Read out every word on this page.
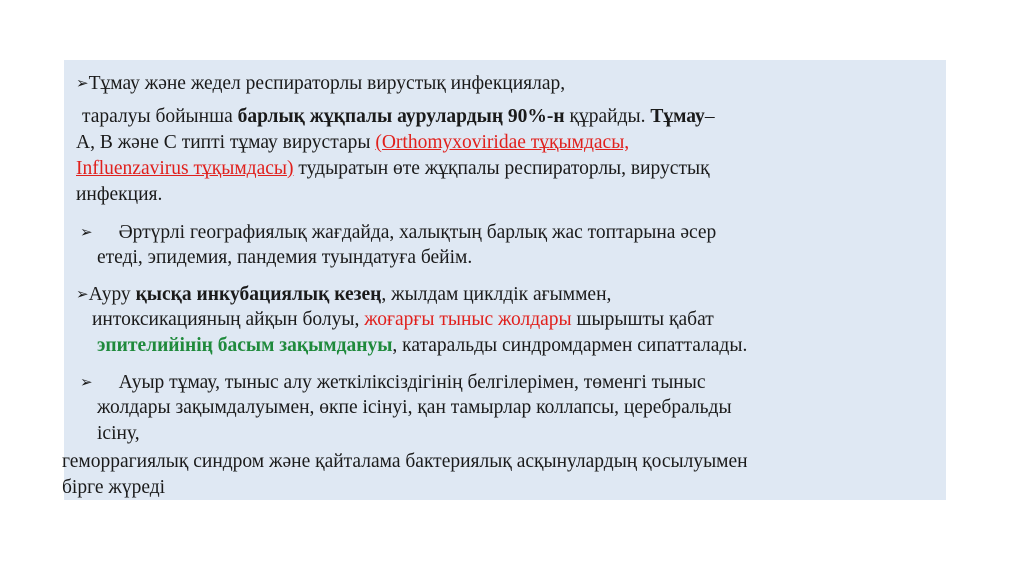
➢Тұмау және жедел респираторлы вирустық инфекциялар,
таралуы бойынша барлық жұқпалы аурулардың 90%-н құрайды. Тұмау–
А, В және С типті тұмау вирустары (Orthomyxoviridae тұқымдасы,
Influenzavirus тұқымдасы) тудыратын өте жұқпалы респираторлы, вирустық
инфекция.
➢ Әртүрлі географиялық жағдайда, халықтың барлық жас топтарына әсер
етеді, эпидемия, пандемия туындатуға бейім.
➢Ауру қысқа инкубациялық кезең, жылдам циклдік ағыммен,
интоксикацияның айқын болуы, жоғарғы тыныс жолдары шырышты қабат
эпителийінің басым зақымдануы, катаральды синдромдармен сипатталады.
➢ Ауыр тұмау, тыныс алу жеткіліксіздігінің белгілерімен, төменгі тыныс
жолдары зақымдалуымен, өкпе ісінуі, қан тамырлар коллапсы, церебральды
ісіну,
геморрагиялық синдром және қайталама бактериялық асқынулардың қосылуымен
бірге жүреді
